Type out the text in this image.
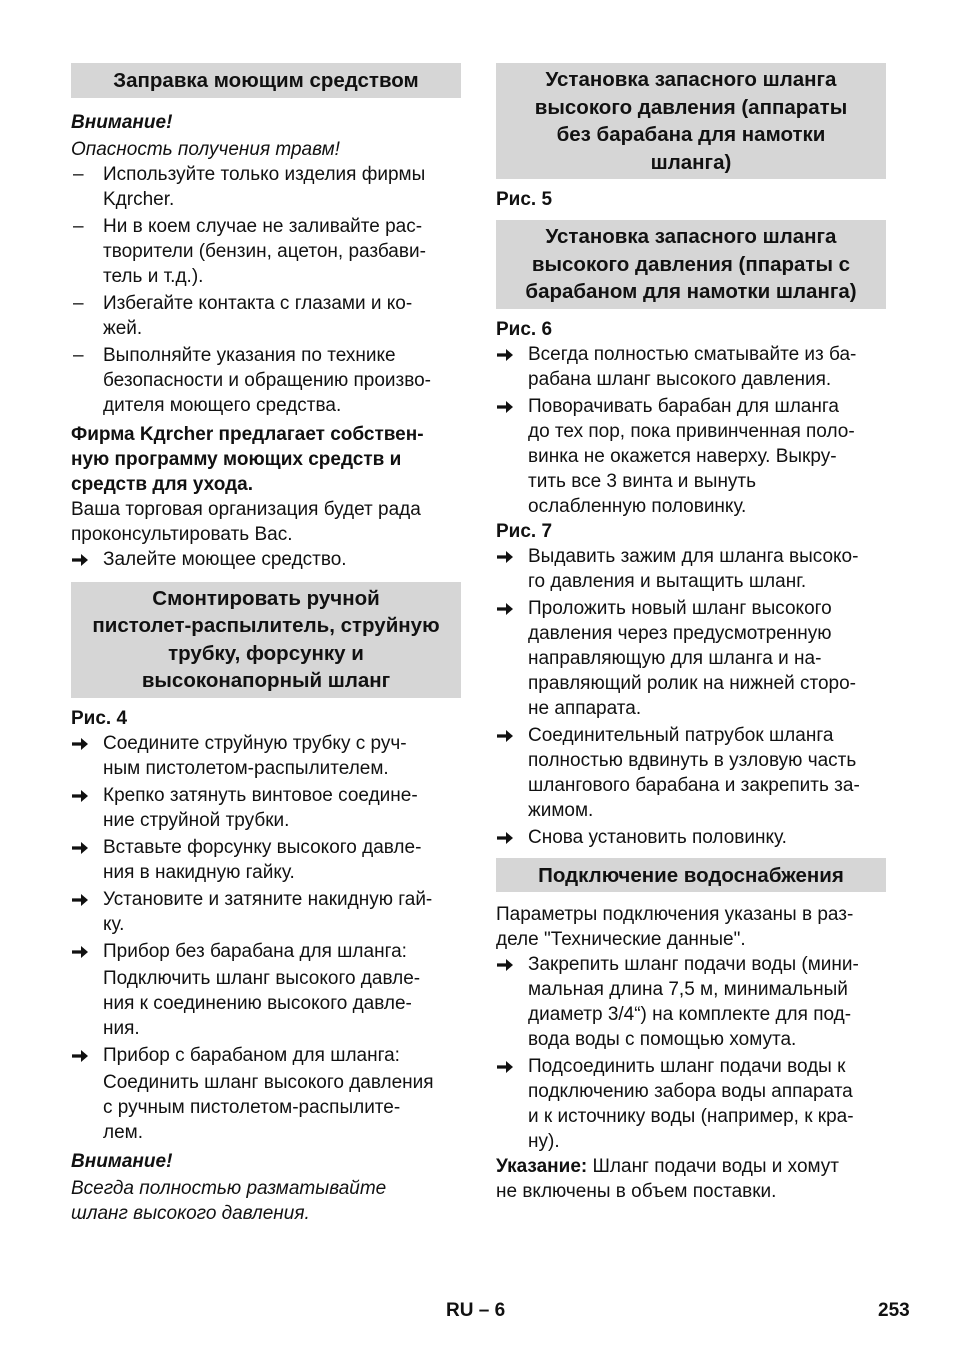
Заправка моющим средством

Внимание!

Опасность получения травм!

–	Используйте только изделия фирмы
Kдrcher.
–	Ни в коем случае не заливайте рас-
творители (бензин, ацетон, разбави-
тель и т.д.).
–	Избегайте контакта с глазами и ко-
жей.
–	Выполняйте указания по технике
безопасности и обращению произво-
дителя моющего средства.

Фирма Kдrcher предлагает собствен-
ную программу моющих средств и
средств для ухода.

Ваша торговая организация будет рада
проконсультировать Вас.

Залейте моющее средство.
Смонтировать ручной
пистолет-распылитель, струйную
трубку, форсунку и
высоконапорный шланг

Рис. 4

Соедините струйную трубку с руч-
ным пистолетом-распылителем.
Крепко затянуть винтовое соедине-
ние струйной трубки.
Вставьте форсунку высокого давле-
ния в накидную гайку.
Установите и затяните накидную гай-
ку.
Прибор без барабана для шланга:

Подключить шланг высокого давле-
ния к соединению высокого давле-
ния.

Прибор с барабаном для шланга:

Соединить шланг высокого давления
с ручным пистолетом-распылите-
лем.

Внимание!

Всегда полностью разматывайте
шланг высокого давления.

Установка запасного шланга
высокого давления (аппараты
без барабана для намотки
шланга)

Рис. 5

Установка запасного шланга
высокого давления (ппараты с
барабаном для намотки шланга)

Рис. 6

Всегда полностью сматывайте из ба-
рабана шланг высокого давления.
Поворачивать барабан для шланга
до тех пор, пока привинченная поло-
винка не окажется наверху. Выкру-
тить все 3 винта и вынуть
ослабленную половинку.

Рис. 7

Выдавить зажим для шланга высоко-
го давления и вытащить шланг.
Проложить новый шланг высокого
давления через предусмотренную
направляющую для шланга и на-
правляющий ролик на нижней сторо-
не аппарата.
Соединительный патрубок шланга
полностью вдвинуть в узловую часть
шлангового барабана и закрепить за-
жимом.
Снова установить половинку.
Подключение водоснабжения

Параметры подключения указаны в раз-
деле "Технические данные".

Закрепить шланг подачи воды (мини-
мальная длина 7,5 м, минимальный
диаметр 3/4“) на комплекте для под-
вода воды с помощью хомута.
Подсоединить шланг подачи воды к
подключению забора воды аппарата
и к источнику воды (например, к кра-
ну).

Указание: Шланг подачи воды и хомут
не включены в объем поставки.

RU – 6	253
